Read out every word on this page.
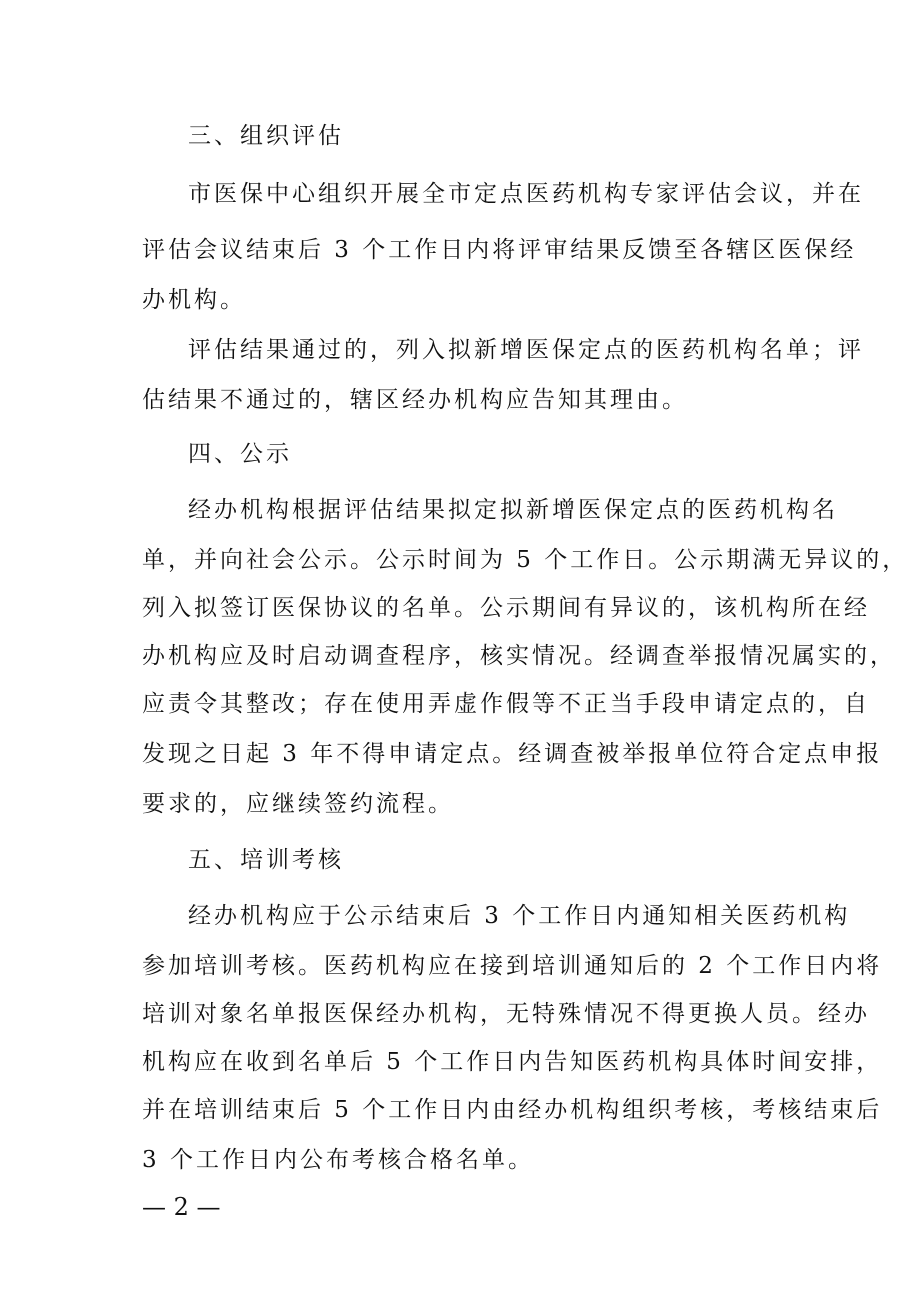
三、组织评估
市医保中心组织开展全市定点医药机构专家评估会议，并在
评估会议结束后 3 个工作日内将评审结果反馈至各辖区医保经
办机构。
评估结果通过的，列入拟新增医保定点的医药机构名单；评
估结果不通过的，辖区经办机构应告知其理由。
四、公示
经办机构根据评估结果拟定拟新增医保定点的医药机构名
单，并向社会公示。公示时间为 5 个工作日。公示期满无异议的，
列入拟签订医保协议的名单。公示期间有异议的，该机构所在经
办机构应及时启动调查程序，核实情况。经调查举报情况属实的，
应责令其整改；存在使用弄虚作假等不正当手段申请定点的，自
发现之日起 3 年不得申请定点。经调查被举报单位符合定点申报
要求的，应继续签约流程。
五、培训考核
经办机构应于公示结束后 3 个工作日内通知相关医药机构
参加培训考核。医药机构应在接到培训通知后的 2 个工作日内将
培训对象名单报医保经办机构，无特殊情况不得更换人员。经办
机构应在收到名单后 5 个工作日内告知医药机构具体时间安排，
并在培训结束后 5 个工作日内由经办机构组织考核，考核结束后
3 个工作日内公布考核合格名单。
— 2 —
